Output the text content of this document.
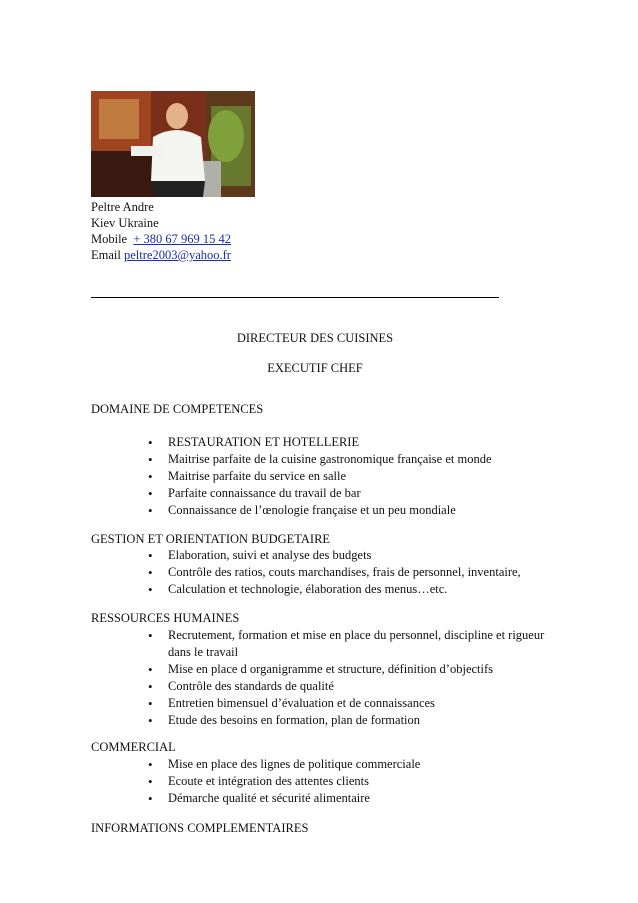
Peltre Andre
Kiev Ukraine
Mobile + 380 67 969 15 42
Email peltre2003@yahoo.fr
DIRECTEUR DES CUISINES
EXECUTIF CHEF
DOMAINE DE COMPETENCES
• RESTAURATION ET HOTELLERIE
• Maitrise parfaite de la cuisine gastronomique française et monde
• Maitrise parfaite du service en salle
• Parfaite connaissance du travail de bar
• Connaissance de l’œnologie française et un peu mondiale
GESTION ET ORIENTATION BUDGETAIRE
• Elaboration, suivi et analyse des budgets
• Contrôle des ratios, couts marchandises, frais de personnel, inventaire,
• Calculation et technologie, élaboration des menus…etc.
RESSOURCES HUMAINES
• Recrutement, formation et mise en place du personnel, discipline et rigueur
dans le travail
• Mise en place d organigramme et structure, définition d’objectifs
• Contrôle des standards de qualité
• Entretien bimensuel d’évaluation et de connaissances
• Etude des besoins en formation, plan de formation
COMMERCIAL
• Mise en place des lignes de politique commerciale
• Ecoute et intégration des attentes clients
• Démarche qualité et sécurité alimentaire
INFORMATIONS COMPLEMENTAIRES
